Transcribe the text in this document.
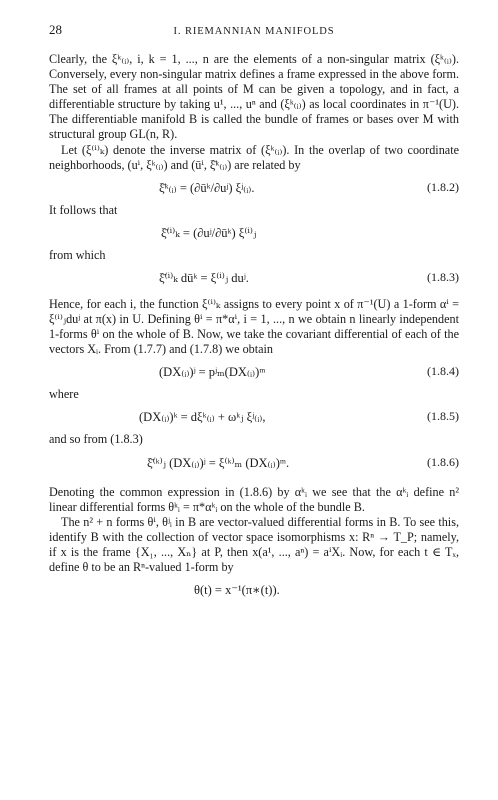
28	I. RIEMANNIAN MANIFOLDS

Clearly, the ξᵏ₍ᵢ₎, i, k = 1, ..., n are the elements of a non-singular matrix (ξᵏ₍ᵢ₎). Conversely, every non-singular matrix defines a frame expressed in the above form. The set of all frames at all points of M can be given a topology, and in fact, a differentiable structure by taking u¹, ..., uⁿ and (ξᵏ₍ᵢ₎) as local coordinates in π⁻¹(U). The differentiable manifold B is called the bundle of frames or bases over M with structural group GL(n, R).

Let (ξ⁽ⁱ⁾ₖ) denote the inverse matrix of (ξᵏ₍ᵢ₎). In the overlap of two coordinate neighborhoods, (uⁱ, ξᵏ₍ᵢ₎) and (ūⁱ, ξ̄ᵏ₍ᵢ₎) are related by

ξ̄ᵏ₍ᵢ₎ = (∂ūᵏ/∂uʲ) ξʲ₍ᵢ₎.	(1.8.2)
It follows that
ξ̄⁽ⁱ⁾ₖ = (∂uʲ/∂ūᵏ) ξ⁽ⁱ⁾ⱼ
from which
ξ̄⁽ⁱ⁾ₖ dūᵏ = ξ⁽ⁱ⁾ⱼ duʲ.	(1.8.3)

Hence, for each i, the function ξ⁽ⁱ⁾ₖ assigns to every point x of π⁻¹(U) a 1-form αⁱ = ξ⁽ⁱ⁾ⱼduʲ at π(x) in U. Defining θⁱ = π*αⁱ, i = 1, ..., n we obtain n linearly independent 1-forms θⁱ on the whole of B. Now, we take the covariant differential of each of the vectors Xᵢ. From (1.7.7) and (1.7.8) we obtain

(DX₍ᵢ₎)ʲ = pʲₘ(DX₍ᵢ₎)ᵐ	(1.8.4)
where
(DX₍ᵢ₎)ᵏ = dξᵏ₍ᵢ₎ + ωᵏⱼ ξʲ₍ᵢ₎,	(1.8.5)
and so from (1.8.3)
ξ̄⁽ᵏ⁾ⱼ (DX₍ᵢ₎)ʲ = ξ⁽ᵏ⁾ₘ (DX₍ᵢ₎)ᵐ.	(1.8.6)

Denoting the common expression in (1.8.6) by αᵏᵢ we see that the αᵏᵢ define n² linear differential forms θᵏᵢ = π*αᵏᵢ on the whole of the bundle B.

The n² + n forms θⁱ, θʲᵢ in B are vector-valued differential forms in B. To see this, identify B with the collection of vector space isomorphisms x: Rⁿ → T_P; namely, if x is the frame {X₁, ..., Xₙ} at P, then x(a¹, ..., aⁿ) = aⁱXᵢ. Now, for each t ∈ Tₓ, define θ to be an Rⁿ-valued 1-form by

θ(t) = x⁻¹(π∗(t)).
